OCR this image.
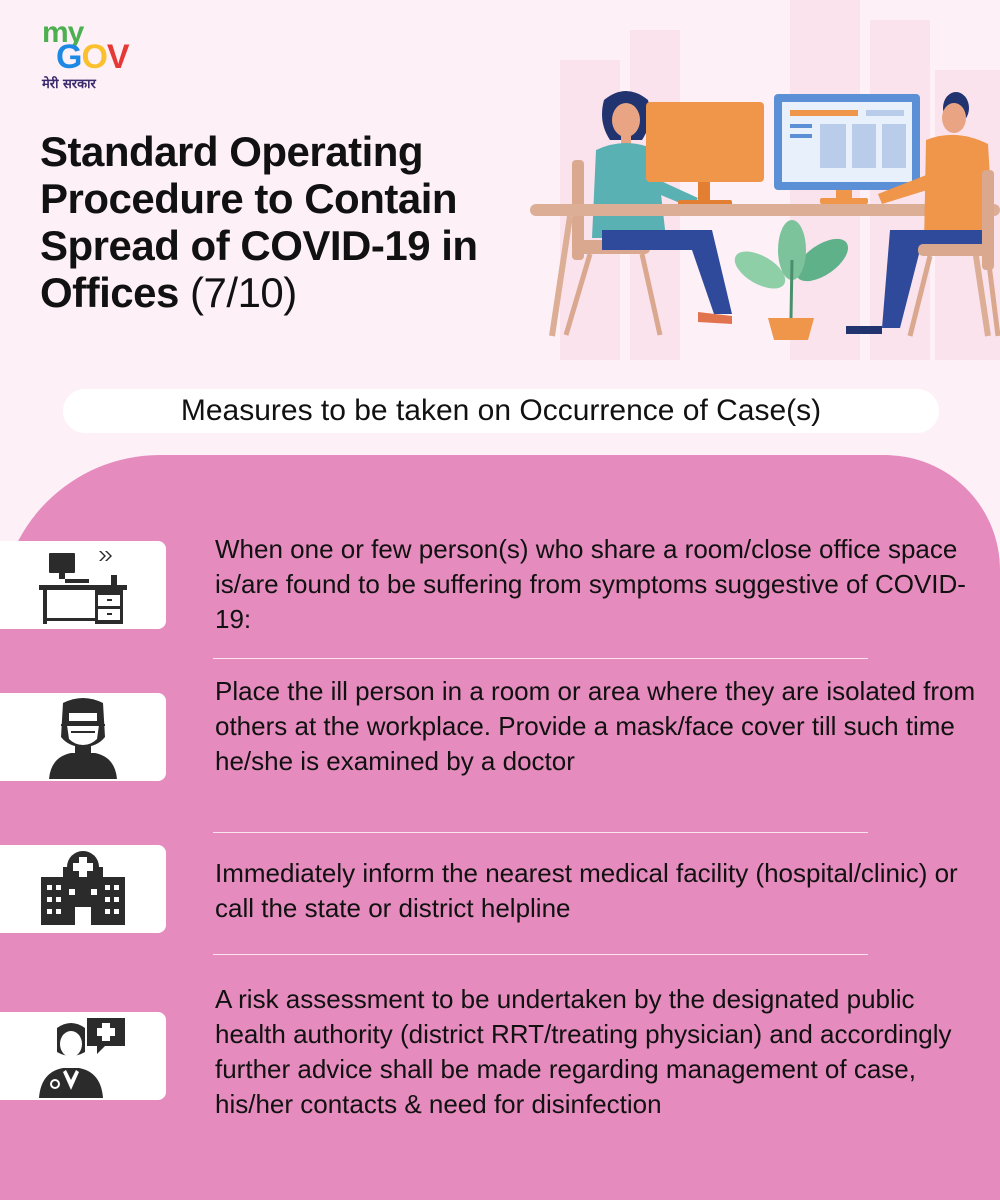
my
GOV
मेरी सरकार
Standard Operating
Procedure to Contain
Spread of COVID-19 in
Offices (7/10)
Measures to be taken on Occurrence of Case(s)

When one or few person(s) who share a room/close office space is/are found to be suffering from symptoms suggestive of COVID-19:

Place the ill person in a room or area where they are isolated from others at the workplace. Provide a mask/face cover till such time he/she is examined by a doctor

Immediately inform the nearest medical facility (hospital/clinic) or call the state or district helpline

A risk assessment to be undertaken by the designated public health authority (district RRT/treating physician) and accordingly further advice shall be made regarding management of case, his/her contacts & need for disinfection
